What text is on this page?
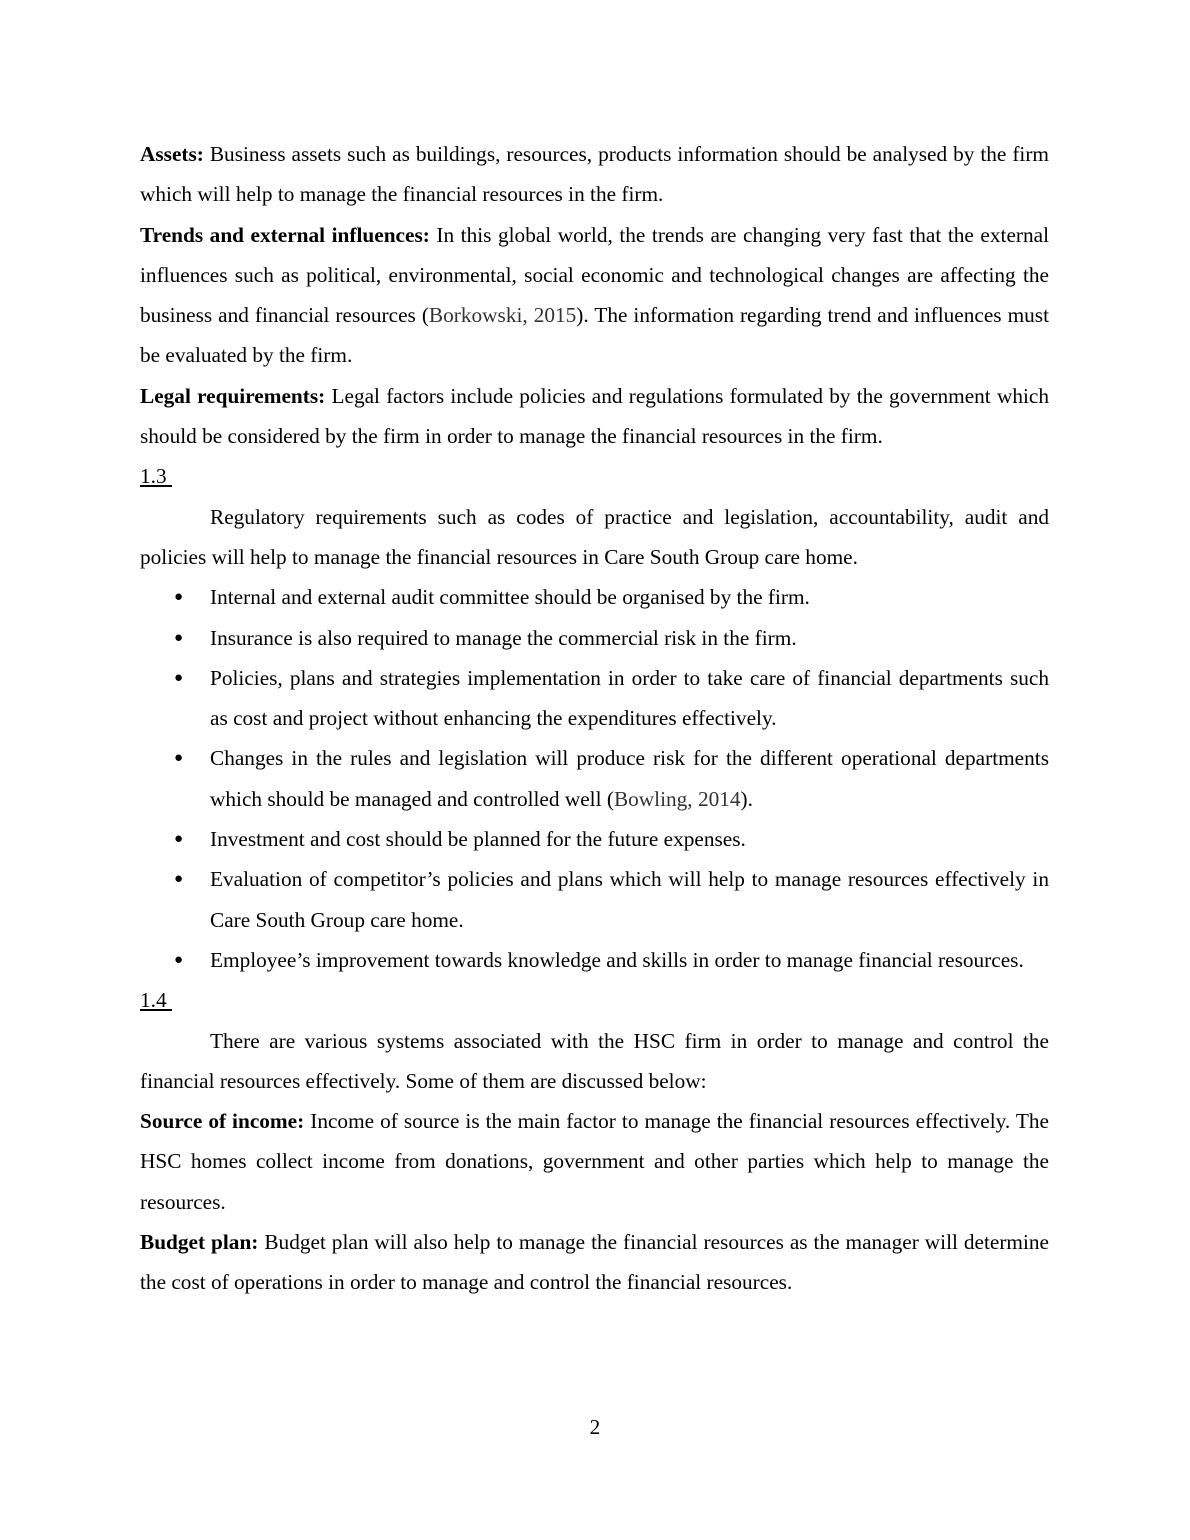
Assets: Business assets such as buildings, resources, products information should be analysed by the firm which will help to manage the financial resources in the firm.

Trends and external influences: In this global world, the trends are changing very fast that the external influences such as political, environmental, social economic and technological changes are affecting the business and financial resources (Borkowski, 2015). The information regarding trend and influences must be evaluated by the firm.

Legal requirements: Legal factors include policies and regulations formulated by the government which should be considered by the firm in order to manage the financial resources in the firm.

1.3

Regulatory requirements such as codes of practice and legislation, accountability, audit and policies will help to manage the financial resources in Care South Group care home.

● Internal and external audit committee should be organised by the firm.
● Insurance is also required to manage the commercial risk in the firm.
● Policies, plans and strategies implementation in order to take care of financial departments such as cost and project without enhancing the expenditures effectively.
● Changes in the rules and legislation will produce risk for the different operational departments which should be managed and controlled well (Bowling, 2014).
● Investment and cost should be planned for the future expenses.
● Evaluation of competitor’s policies and plans which will help to manage resources effectively in Care South Group care home.
● Employee’s improvement towards knowledge and skills in order to manage financial resources.

1.4

There are various systems associated with the HSC firm in order to manage and control the financial resources effectively. Some of them are discussed below:

Source of income: Income of source is the main factor to manage the financial resources effectively. The HSC homes collect income from donations, government and other parties which help to manage the resources.

Budget plan: Budget plan will also help to manage the financial resources as the manager will determine the cost of operations in order to manage and control the financial resources.

2
